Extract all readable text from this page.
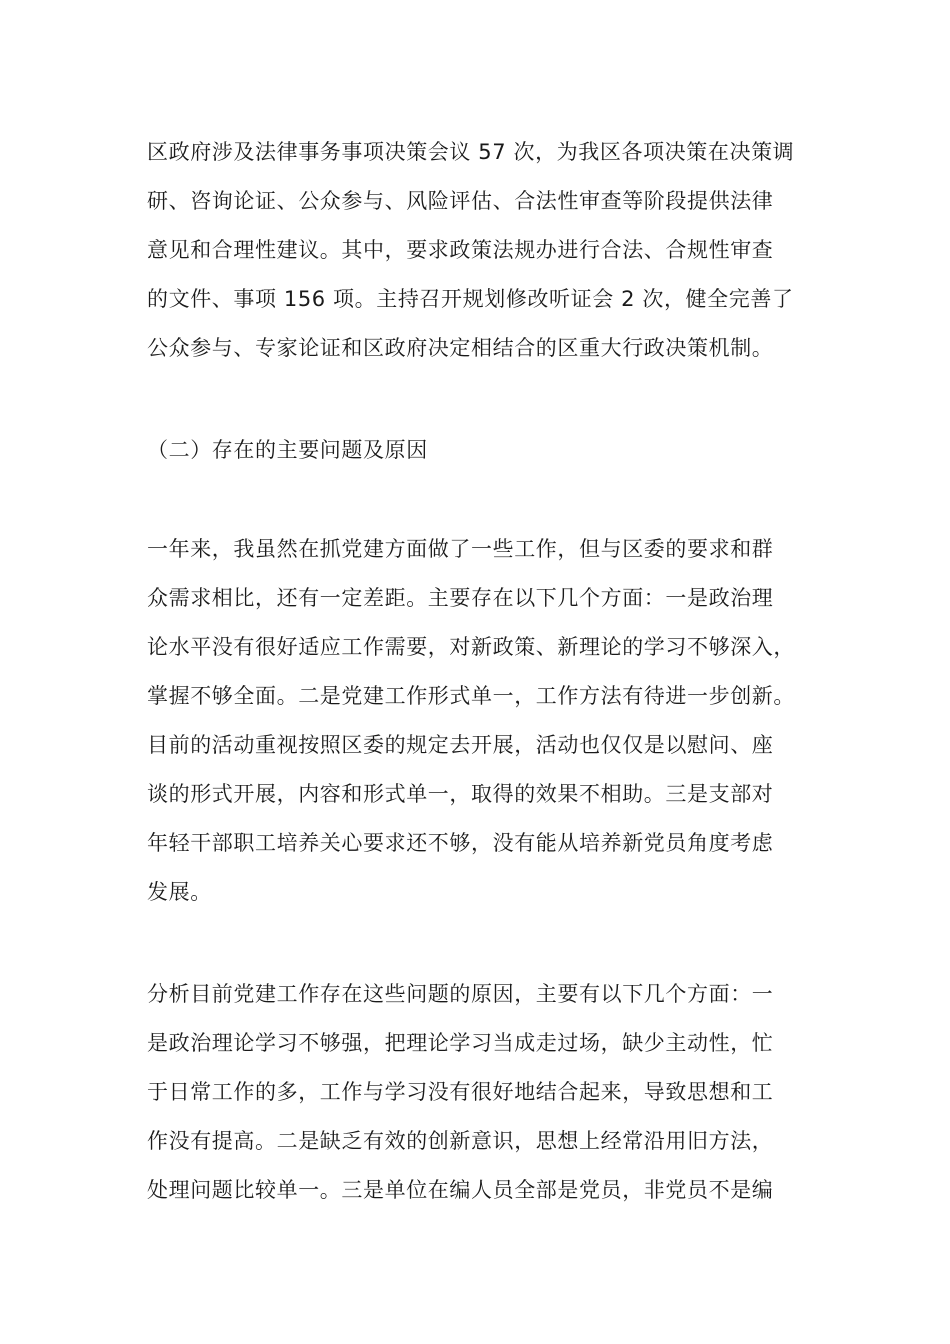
区政府涉及法律事务事项决策会议 57 次，为我区各项决策在决策调
研、咨询论证、公众参与、风险评估、合法性审查等阶段提供法律
意见和合理性建议。其中，要求政策法规办进行合法、合规性审查
的文件、事项 156 项。主持召开规划修改听证会 2 次，健全完善了
公众参与、专家论证和区政府决定相结合的区重大行政决策机制。
（二）存在的主要问题及原因
一年来，我虽然在抓党建方面做了一些工作，但与区委的要求和群
众需求相比，还有一定差距。主要存在以下几个方面：一是政治理
论水平没有很好适应工作需要，对新政策、新理论的学习不够深入，
掌握不够全面。二是党建工作形式单一，工作方法有待进一步创新。
目前的活动重视按照区委的规定去开展，活动也仅仅是以慰问、座
谈的形式开展，内容和形式单一，取得的效果不相助。三是支部对
年轻干部职工培养关心要求还不够，没有能从培养新党员角度考虑
发展。
分析目前党建工作存在这些问题的原因，主要有以下几个方面：一
是政治理论学习不够强，把理论学习当成走过场，缺少主动性，忙
于日常工作的多，工作与学习没有很好地结合起来，导致思想和工
作没有提高。二是缺乏有效的创新意识，思想上经常沿用旧方法，
处理问题比较单一。三是单位在编人员全部是党员，非党员不是编
